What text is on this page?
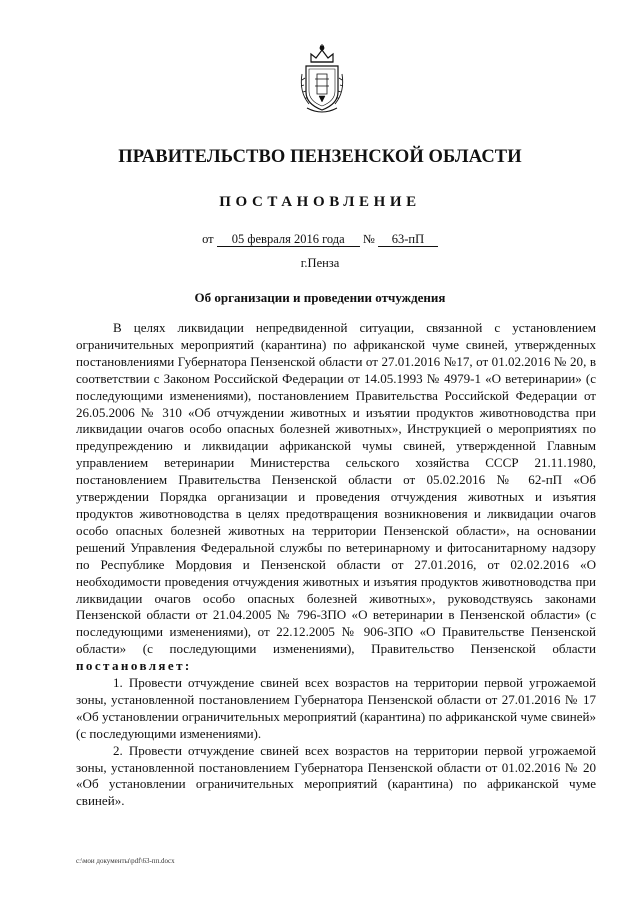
ПРАВИТЕЛЬСТВО ПЕНЗЕНСКОЙ ОБЛАСТИ
ПОСТАНОВЛЕНИЕ
от 05 февраля 2016 года № 63-пП
г.Пенза
Об организации и проведении отчуждения

В целях ликвидации непредвиденной ситуации, связанной с установлением ограничительных мероприятий (карантина) по африканской чуме свиней, утвержденных постановлениями Губернатора Пензенской области от 27.01.2016 №17, от 01.02.2016 № 20, в соответствии с Законом Российской Федерации от 14.05.1993 № 4979-1 «О ветеринарии» (с последующими изменениями), постановлением Правительства Российской Федерации от 26.05.2006 № 310 «Об отчуждении животных и изъятии продуктов животноводства при ликвидации очагов особо опасных болезней животных», Инструкцией о мероприятиях по предупреждению и ликвидации африканской чумы свиней, утвержденной Главным управлением ветеринарии Министерства сельского хозяйства СССР 21.11.1980, постановлением Правительства Пензенской области от 05.02.2016 № 62-пП «Об утверждении Порядка организации и проведения отчуждения животных и изъятия продуктов животноводства в целях предотвращения возникновения и ликвидации очагов особо опасных болезней животных на территории Пензенской области», на основании решений Управления Федеральной службы по ветеринарному и фитосанитарному надзору по Республике Мордовия и Пензенской области от 27.01.2016, от 02.02.2016 «О необходимости проведения отчуждения животных и изъятия продуктов животноводства при ликвидации очагов особо опасных болезней животных», руководствуясь законами Пензенской области от 21.04.2005 № 796-ЗПО «О ветеринарии в Пензенской области» (с последующими изменениями), от 22.12.2005 № 906-ЗПО «О Правительстве Пензенской области» (с последующими изменениями), Правительство Пензенской области постановляет:

1. Провести отчуждение свиней всех возрастов на территории первой угрожаемой зоны, установленной постановлением Губернатора Пензенской области от 27.01.2016 № 17 «Об установлении ограничительных мероприятий (карантина) по африканской чуме свиней» (с последующими изменениями).

2. Провести отчуждение свиней всех возрастов на территории первой угрожаемой зоны, установленной постановлением Губернатора Пензенской области от 01.02.2016 № 20 «Об установлении ограничительных мероприятий (карантина) по африканской чуме свиней».

c:\мои документы\pdf\63-пп.docx
